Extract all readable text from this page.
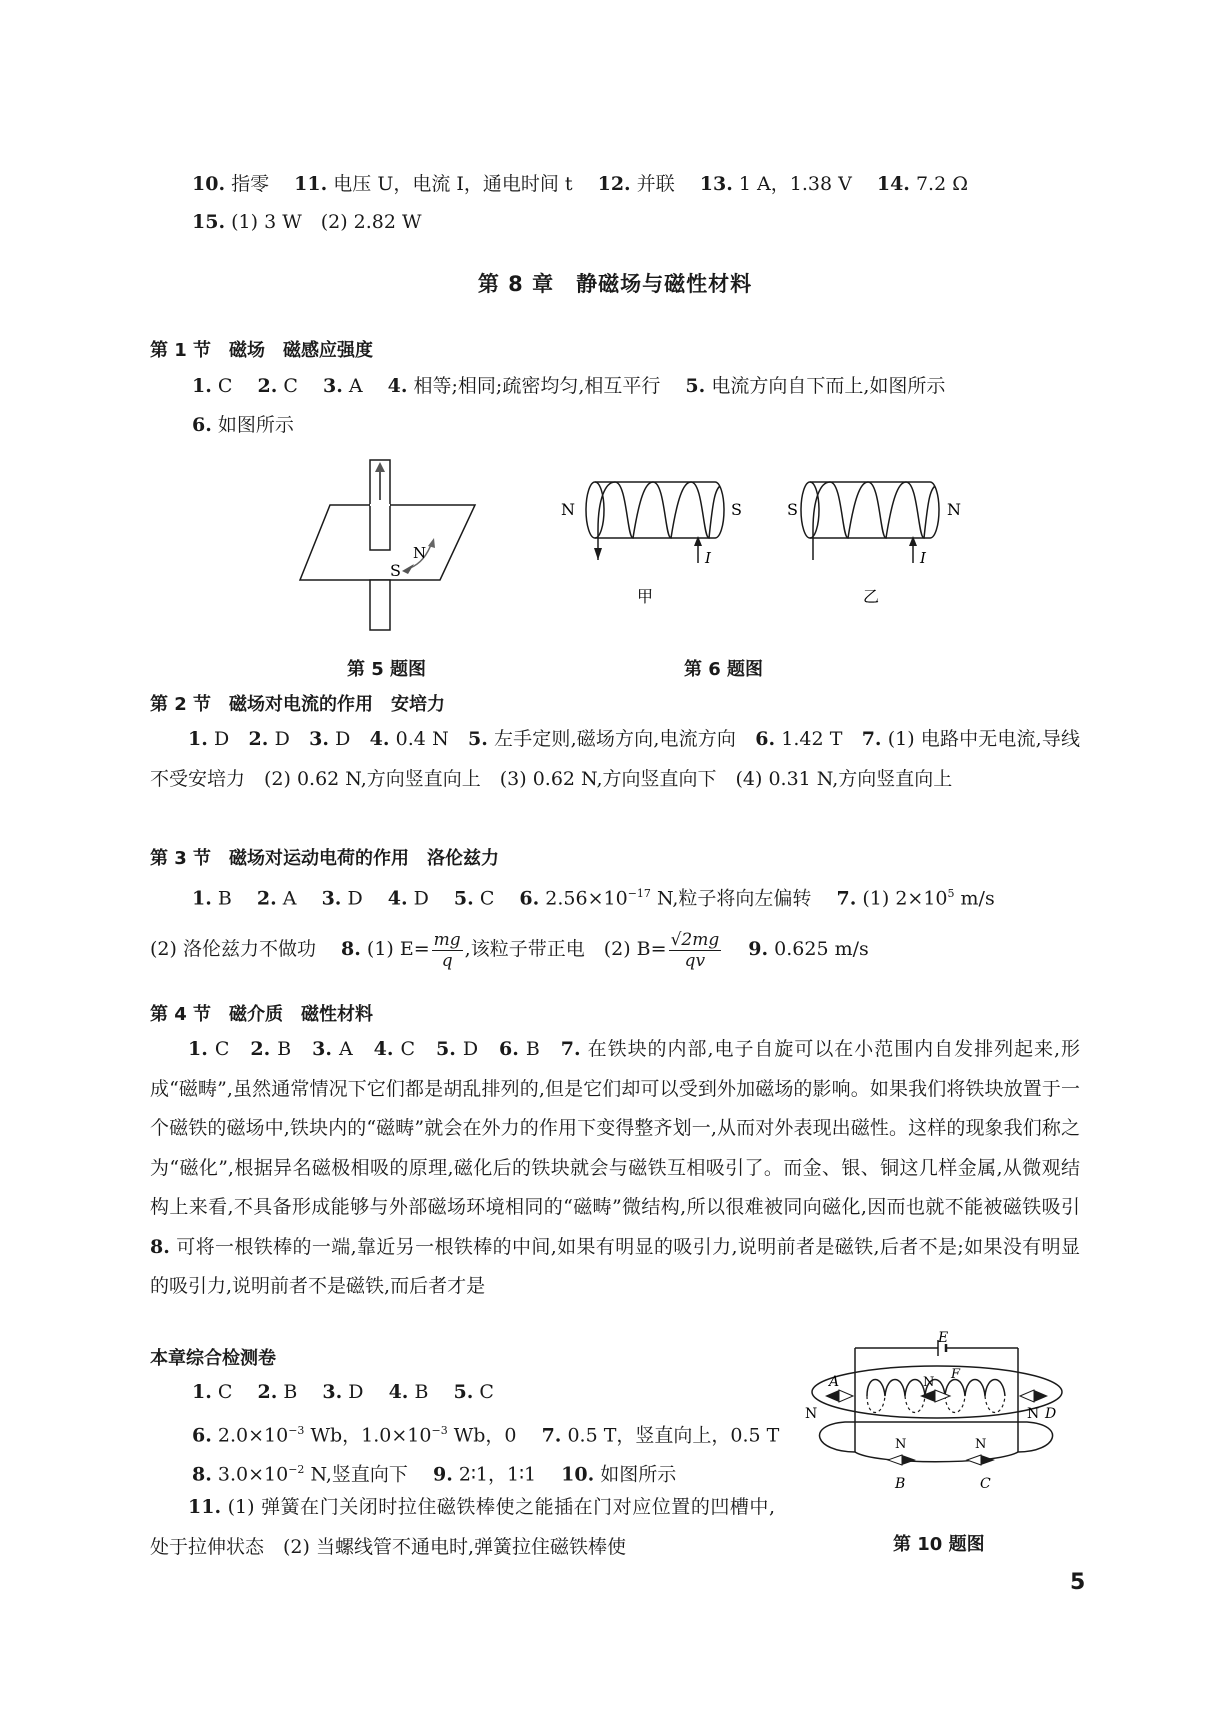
10. 指零　 11. 电压 U，电流 I，通电时间 t　 12. 并联　 13. 1 A，1.38 V　 14. 7.2 Ω
15. (1) 3 W　(2) 2.82 W
第 8 章　静磁场与磁性材料
第 1 节　磁场　磁感应强度
1. C　 2. C　 3. A　 4. 相等;相同;疏密均匀,相互平行　 5. 电流方向自下而上,如图所示
6. 如图所示
S
N
第 5 题图
N	S
I
甲
S	N
I
乙
第 6 题图
第 2 节　磁场对电流的作用　安培力
1. D　2. D　3. D　4. 0.4 N　5. 左手定则,磁场方向,电流方向　6. 1.42 T　7. (1) 电路中无电流,导线不受安培力　(2) 0.62 N,方向竖直向上　(3) 0.62 N,方向竖直向下　(4) 0.31 N,方向竖直向上
第 3 节　磁场对运动电荷的作用　洛伦兹力
1. B　 2. A　 3. D　 4. D　 5. C　 6. $2.56\times 10^{-17}$ N,粒子将向左偏转　 7. (1) $2\times 10^5$ m/s
(2) 洛伦兹力不做功　 8. (1) $E= \frac{mg}{q}$ ,该粒子带正电　(2) $B= \frac{√2mg}{qv}$
　 9. 0.625 m/s
第 4 节　磁介质　磁性材料
1. C　2. B　3. A　4. C　5. D　6. B　7. 在铁块的内部,电子自旋可以在小范围内自发排列起来,形成“磁畴”,虽然通常情况下它们都是胡乱排列的,但是它们却可以受到外加磁场的影响。如果我们将铁块放置于一个磁铁的磁场中,铁块内的“磁畴”就会在外力的作用下变得整齐划一,从而对外表现出磁性。这样的现象我们称之为“磁化”,根据异名磁极相吸的原理,磁化后的铁块就会与磁铁互相吸引了。而金、银、铜这几样金属,从微观结构上来看,不具备形成能够与外部磁场环境相同的“磁畴”微结构,所以很难被同向磁化,因而也就不能被磁铁吸引　8. 可将一根铁棒的一端,靠近另一根铁棒的中间,如果有明显的吸引力,说明前者是磁铁,后者不是;如果没有明显的吸引力,说明前者不是磁铁,而后者才是
本章综合检测卷
1. C　 2. B　 3. D　 4. B　 5. C
6. $2.0\times 10^{-3}$ Wb，$1.0\times 10^{-3}$ Wb，0　 7. 0.5 T，竖直向上，0.5 T
8. $3.0\times 10^{-2}$ N,竖直向下　 9. 2∶1，1∶1　 10. 如图所示
11. (1) 弹簧在门关闭时拉住磁铁棒使之能插在门对应位置的凹槽中,处于拉伸状态　(2) 当螺线管不通电时,弹簧拉住磁铁棒使
E
F
N
A
N	N D
N	N
B	C
第 10 题图
5
